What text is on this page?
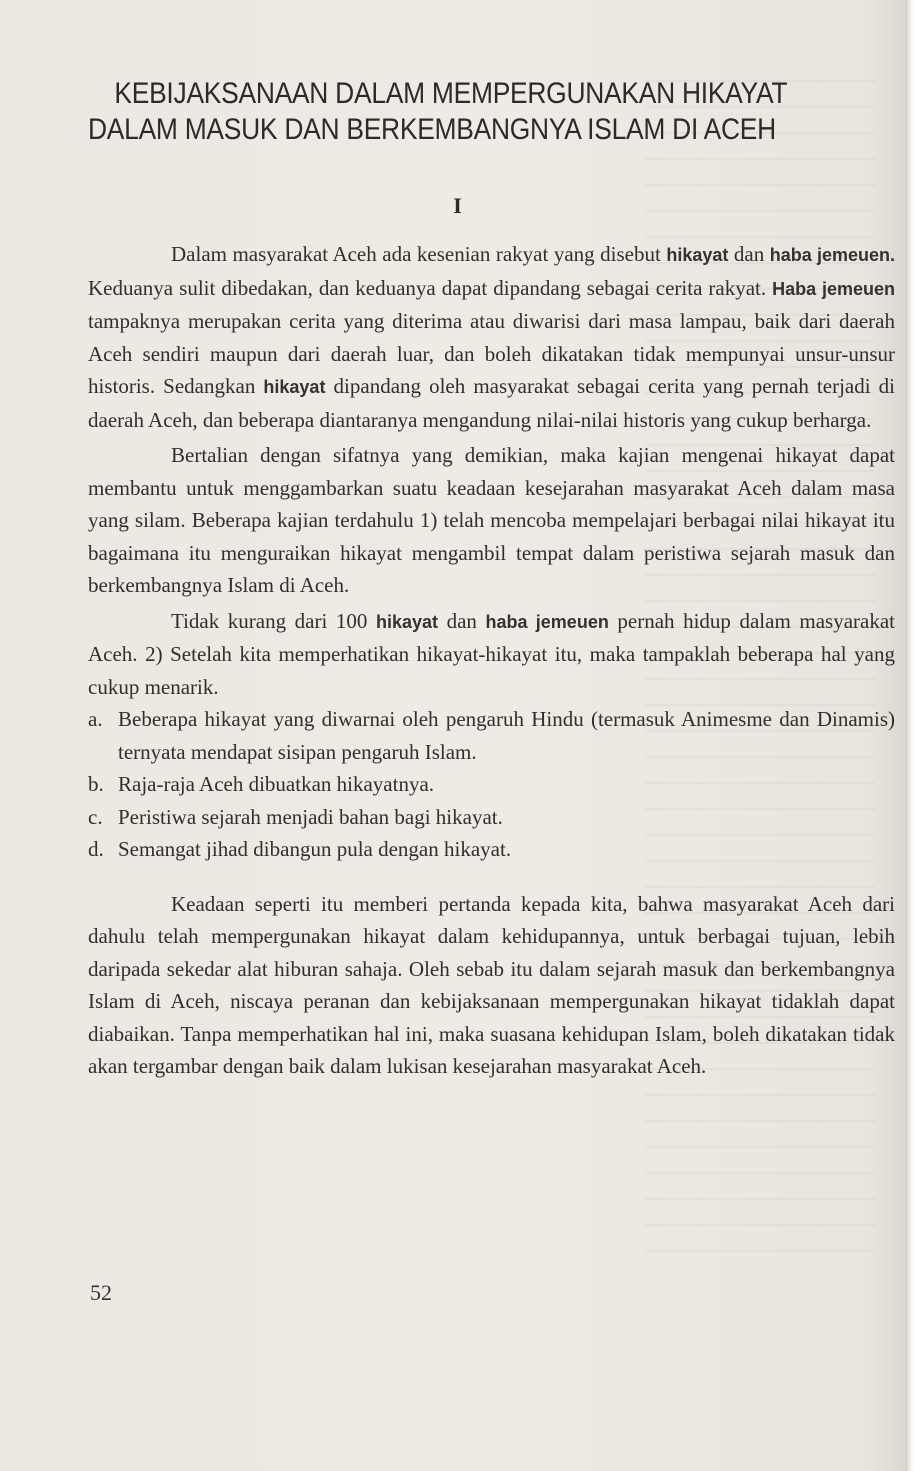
KEBIJAKSANAAN DALAM MEMPERGUNAKAN HIKAYAT
DALAM MASUK DAN BERKEMBANGNYA ISLAM DI ACEH
I

Dalam masyarakat Aceh ada kesenian rakyat yang disebut hikayat dan haba jemeuen. Keduanya sulit dibedakan, dan keduanya dapat dipandang sebagai cerita rakyat. Haba jemeuen tampaknya merupakan cerita yang diterima atau diwarisi dari masa lampau, baik dari daerah Aceh sendiri maupun dari daerah luar, dan boleh dikatakan tidak mempunyai unsur-unsur historis. Sedangkan hikayat dipandang oleh masyarakat sebagai cerita yang pernah terjadi di daerah Aceh, dan beberapa diantaranya mengandung nilai-nilai historis yang cukup berharga.

Bertalian dengan sifatnya yang demikian, maka kajian mengenai hikayat dapat membantu untuk menggambarkan suatu keadaan kesejarahan masyarakat Aceh dalam masa yang silam. Beberapa kajian terdahulu 1) telah mencoba mempelajari berbagai nilai hikayat itu bagaimana itu menguraikan hikayat mengambil tempat dalam peristiwa sejarah masuk dan berkembangnya Islam di Aceh.

Tidak kurang dari 100 hikayat dan haba jemeuen pernah hidup dalam masyarakat Aceh. 2) Setelah kita memperhatikan hikayat-hikayat itu, maka tampaklah beberapa hal yang cukup menarik.

a. Beberapa hikayat yang diwarnai oleh pengaruh Hindu (termasuk Animesme dan Dinamis) ternyata mendapat sisipan pengaruh Islam.
b. Raja-raja Aceh dibuatkan hikayatnya.
c. Peristiwa sejarah menjadi bahan bagi hikayat.
d. Semangat jihad dibangun pula dengan hikayat.

Keadaan seperti itu memberi pertanda kepada kita, bahwa masyarakat Aceh dari dahulu telah mempergunakan hikayat dalam kehidupannya, untuk berbagai tujuan, lebih daripada sekedar alat hiburan sahaja. Oleh sebab itu dalam sejarah masuk dan berkembangnya Islam di Aceh, niscaya peranan dan kebijaksanaan mempergunakan hikayat tidaklah dapat diabaikan. Tanpa memperhatikan hal ini, maka suasana kehidupan Islam, boleh dikatakan tidak akan tergambar dengan baik dalam lukisan kesejarahan masyarakat Aceh.

52
